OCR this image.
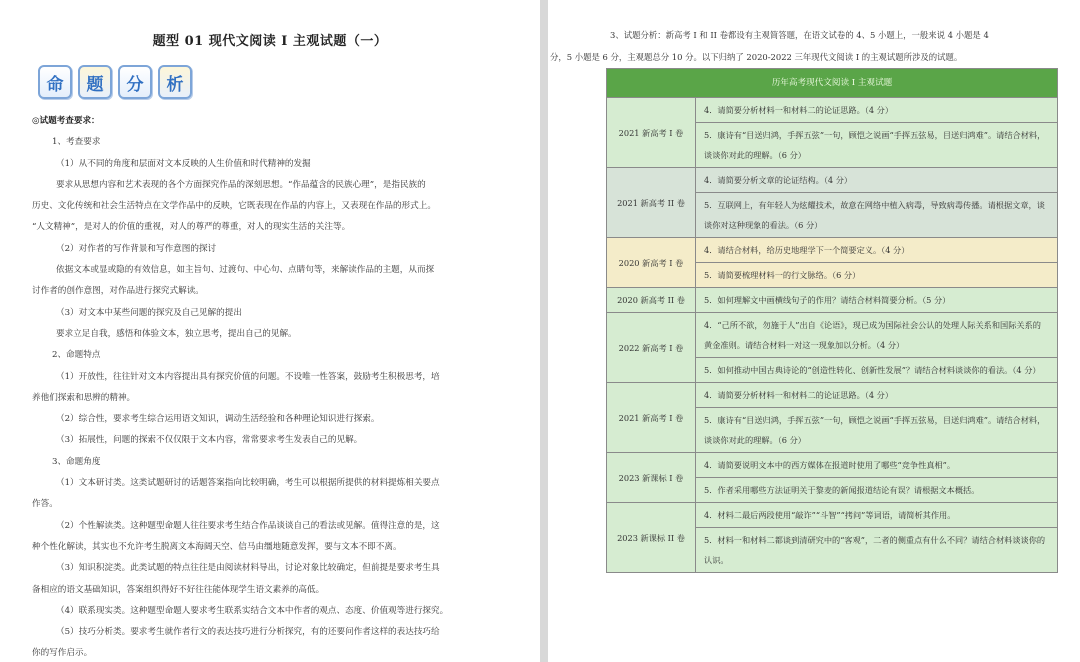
题型 01 现代文阅读 I 主观试题（一）
命	题	分	析

◎试题考查要求：

1、考查要求

（1）从不同的角度和层面对文本反映的人生价值和时代精神的发掘

要求从思想内容和艺术表现的各个方面探究作品的深刻思想。“作品蕴含的民族心理”，是指民族的

历史、文化传统和社会生活特点在文学作品中的反映，它既表现在作品的内容上，又表现在作品的形式上。

“人文精神”，是对人的价值的重视，对人的尊严的尊重，对人的现实生活的关注等。

（2）对作者的写作背景和写作意图的探讨

依据文本或显或隐的有效信息，如主旨句、过渡句、中心句、点睛句等，来解读作品的主题，从而探

讨作者的创作意图，对作品进行探究式解读。

（3）对文本中某些问题的探究及自己见解的提出

要求立足自我，感悟和体验文本，独立思考，提出自己的见解。

2、命题特点

（1）开放性，往往针对文本内容提出具有探究价值的问题。不设唯一性答案，鼓励考生积极思考，培

养他们探索和思辨的精神。

（2）综合性，要求考生综合运用语文知识，调动生活经验和各种理论知识进行探索。

（3）拓展性，问题的探索不仅仅限于文本内容，常常要求考生发表自己的见解。

3、命题角度

（1）文本研讨类。这类试题研讨的话题答案指向比较明确，考生可以根据所提供的材料提炼相关要点

作答。

（2）个性解读类。这种题型命题人往往要求考生结合作品谈谈自己的看法或见解。值得注意的是，这

种个性化解读，其实也不允许考生脱离文本海阔天空、信马由缰地随意发挥，要与文本不即不离。

（3）知识积淀类。此类试题的特点往往是由阅读材料导出，讨论对象比较确定，但前提是要求考生具

备相应的语文基础知识，答案组织得好不好往往能体现学生语文素养的高低。

（4）联系现实类。这种题型命题人要求考生联系实结合文本中作者的观点、态度、价值观等进行探究。

（5）技巧分析类。要求考生就作者行文的表达技巧进行分析探究，有的还要问作者这样的表达技巧给

你的写作启示。

3、试题分析：新高考 I 和 II 卷都设有主观简答题，在语文试卷的 4、5 小题上，一般来说 4 小题是 4

分，5 小题是 6 分，主观题总分 10 分。以下归纳了 2020-2022 三年现代文阅读 I 的主观试题所涉及的试题。

历年高考现代文阅读 I 主观试题	
2021 新高考 I 卷	4．请简要分析材料一和材料二的论证思路。（4 分）
	5．康诗有“目送归鸿，手挥五弦”一句，顾恺之说画“手挥五弦易，目送归鸿难”。请结合材料，谈谈你对此的理解。（6 分）
2021 新高考 II 卷	4．请简要分析文章的论证结构。（4 分）
	5．互联网上，有年轻人为炫耀技术，故意在网络中植入病毒，导致病毒传播。请根据文章，谈谈你对这种现象的看法。（6 分）
2020 新高考 I 卷	4．请结合材料，给历史地理学下一个简要定义。（4 分）
	5．请简要梳理材料一的行文脉络。（6 分）
2020 新高考 II 卷	5．如何理解文中画横线句子的作用？请结合材料简要分析。（5 分）
2022 新高考 I 卷	4．“己所不欲，勿施于人”出自《论语》，现已成为国际社会公认的处理人际关系和国际关系的黄金准则。请结合材料一对这一现象加以分析。（4 分）
	5．如何推动中国古典诗论的“创造性转化、创新性发展”？请结合材料谈谈你的看法。（4 分）
2021 新高考 I 卷	4．请简要分析材料一和材料二的论证思路。（4 分）
	5．康诗有“目送归鸿，手挥五弦”一句，顾恺之说画“手挥五弦易，目送归鸿难”。请结合材料，谈谈你对此的理解。（6 分）
2023 新课标 I 卷	4．请简要说明文本中的西方媒体在报道时使用了哪些“竞争性真相”。
	5．作者采用哪些方法证明关于黎麦的新闻报道结论有误？请根据文本概括。
2023 新课标 II 卷	4．材料二最后两段使用“敲诈”“斗智”“拷问”等词语，请简析其作用。
	5．材料一和材料二都谈到清研究中的“客观”，二者的侧重点有什么不同？请结合材料谈谈你的认识。
